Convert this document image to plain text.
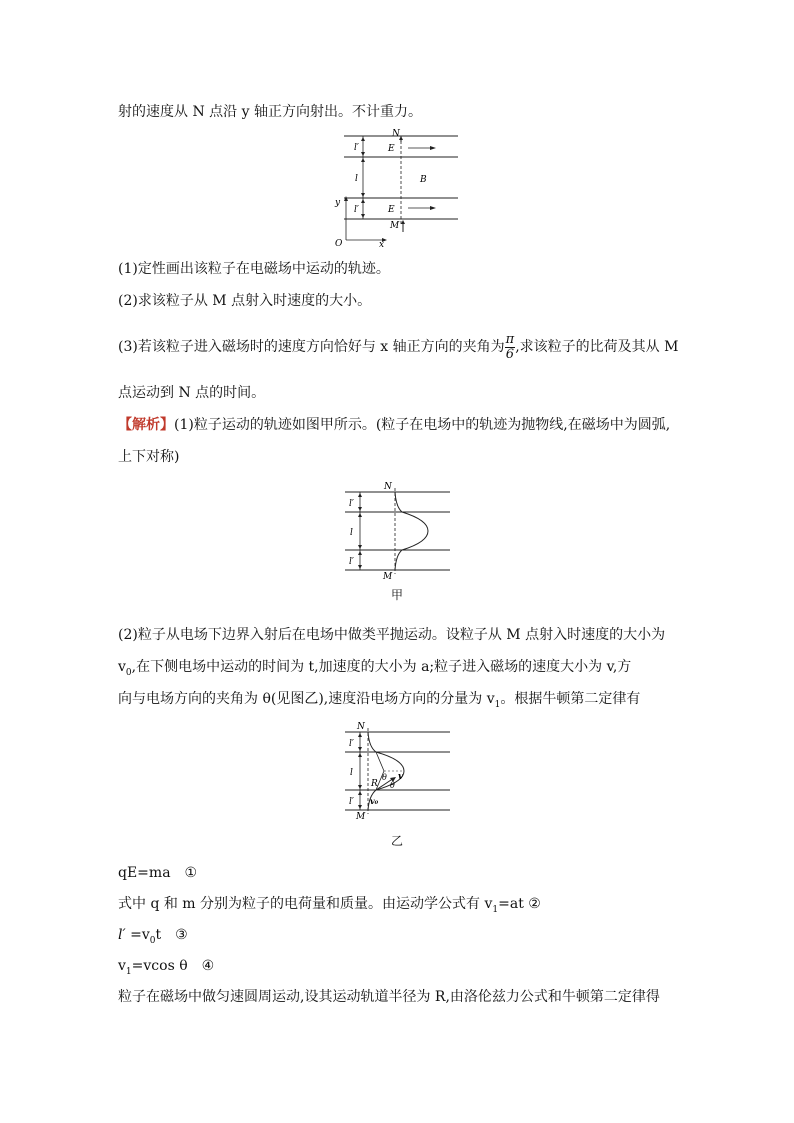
射的速度从 N 点沿 y 轴正方向射出。不计重力。
N
E
B
E
M
l′
l
l′
y
O	x
(1)定性画出该粒子在电磁场中运动的轨迹。
(2)求该粒子从 M 点射入时速度的大小。
(3)若该粒子进入磁场时的速度方向恰好与 x 轴正方向的夹角为 $\frac{\pi}{6}$ ,求该粒子的比荷及其从 M
点运动到 N 点的时间。
【解析】(1)粒子运动的轨迹如图甲所示。(粒子在电场中的轨迹为抛物线,在磁场中为圆弧,
上下对称)
N
l′
l
l′
M
甲
(2)粒子从电场下边界入射后在电场中做类平抛运动。设粒子从 M 点射入时速度的大小为
$v_0$,在下侧电场中运动的时间为 t,加速度的大小为 a;粒子进入磁场的速度大小为 v,方
向与电场方向的夹角为 θ(见图乙),速度沿电场方向的分量为 $v_1$。根据牛顿第二定律有
N
l′
l
l′
R
θ
θ
v
v₀
M
乙
qE=ma ①
式中 q 和 m 分别为粒子的电荷量和质量。由运动学公式有 $v_1=at$ ②
$l' =v_0t$ ③
$v_1=vcos$ θ ④
粒子在磁场中做匀速圆周运动,设其运动轨道半径为 R,由洛伦兹力公式和牛顿第二定律得
